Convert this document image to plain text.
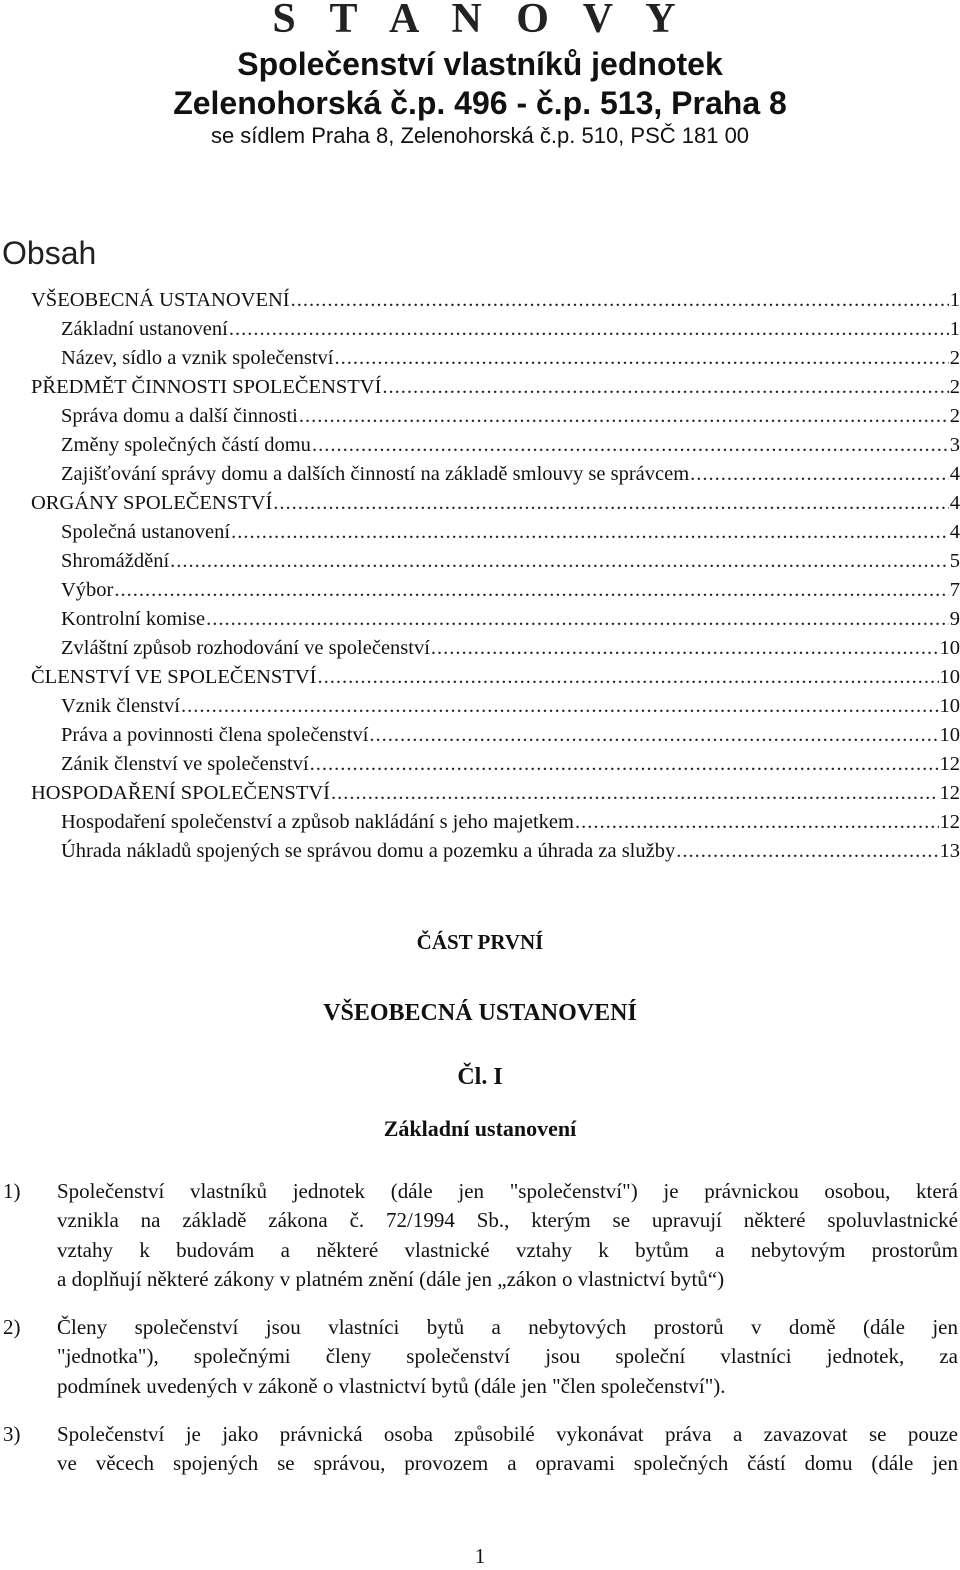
S T A N O V Y
Společenství vlastníků jednotek
Zelenohorská č.p. 496 - č.p. 513, Praha 8
se sídlem Praha 8, Zelenohorská č.p. 510, PSČ 181 00
Obsah
VŠEOBECNÁ USTANOVENÍ .....	1
Základní ustanovení .....	1
Název, sídlo a vznik společenství .....	2
PŘEDMĚT ČINNOSTI SPOLEČENSTVÍ .....	2
Správa domu a další činnosti .....	2
Změny společných částí domu .....	3
Zajišťování správy domu a dalších činností na základě smlouvy se správcem .....	4
ORGÁNY SPOLEČENSTVÍ .....	4
Společná ustanovení .....	4
Shromáždění .....	5
Výbor .....	7
Kontrolní komise .....	9
Zvláštní způsob rozhodování ve společenství .....	10
ČLENSTVÍ VE SPOLEČENSTVÍ .....	10
Vznik členství .....	10
Práva a povinnosti člena společenství .....	10
Zánik členství ve společenství .....	12
HOSPODAŘENÍ SPOLEČENSTVÍ .....	12
Hospodaření společenství a způsob nakládání s jeho majetkem .....	12
Úhrada nákladů spojených se správou domu a pozemku a úhrada za služby .....	13
ČÁST PRVNÍ
VŠEOBECNÁ USTANOVENÍ
Čl. I
Základní ustanovení
1) Společenství vlastníků jednotek (dále jen "společenství") je právnickou osobou, která
vznikla na základě zákona č. 72/1994 Sb., kterým se upravují některé spoluvlastnické
vztahy k budovám a některé vlastnické vztahy k bytům a nebytovým prostorům
a doplňují některé zákony v platném znění (dále jen „zákon o vlastnictví bytů“)
2) Členy společenství jsou vlastníci bytů a nebytových prostorů v domě (dále jen
"jednotka"), společnými členy společenství jsou společní vlastníci jednotek, za
podmínek uvedených v zákoně o vlastnictví bytů (dále jen "člen společenství").
3) Společenství je jako právnická osoba způsobilé vykonávat práva a zavazovat se pouze
ve věcech spojených se správou, provozem a opravami společných částí domu (dále jen
1
